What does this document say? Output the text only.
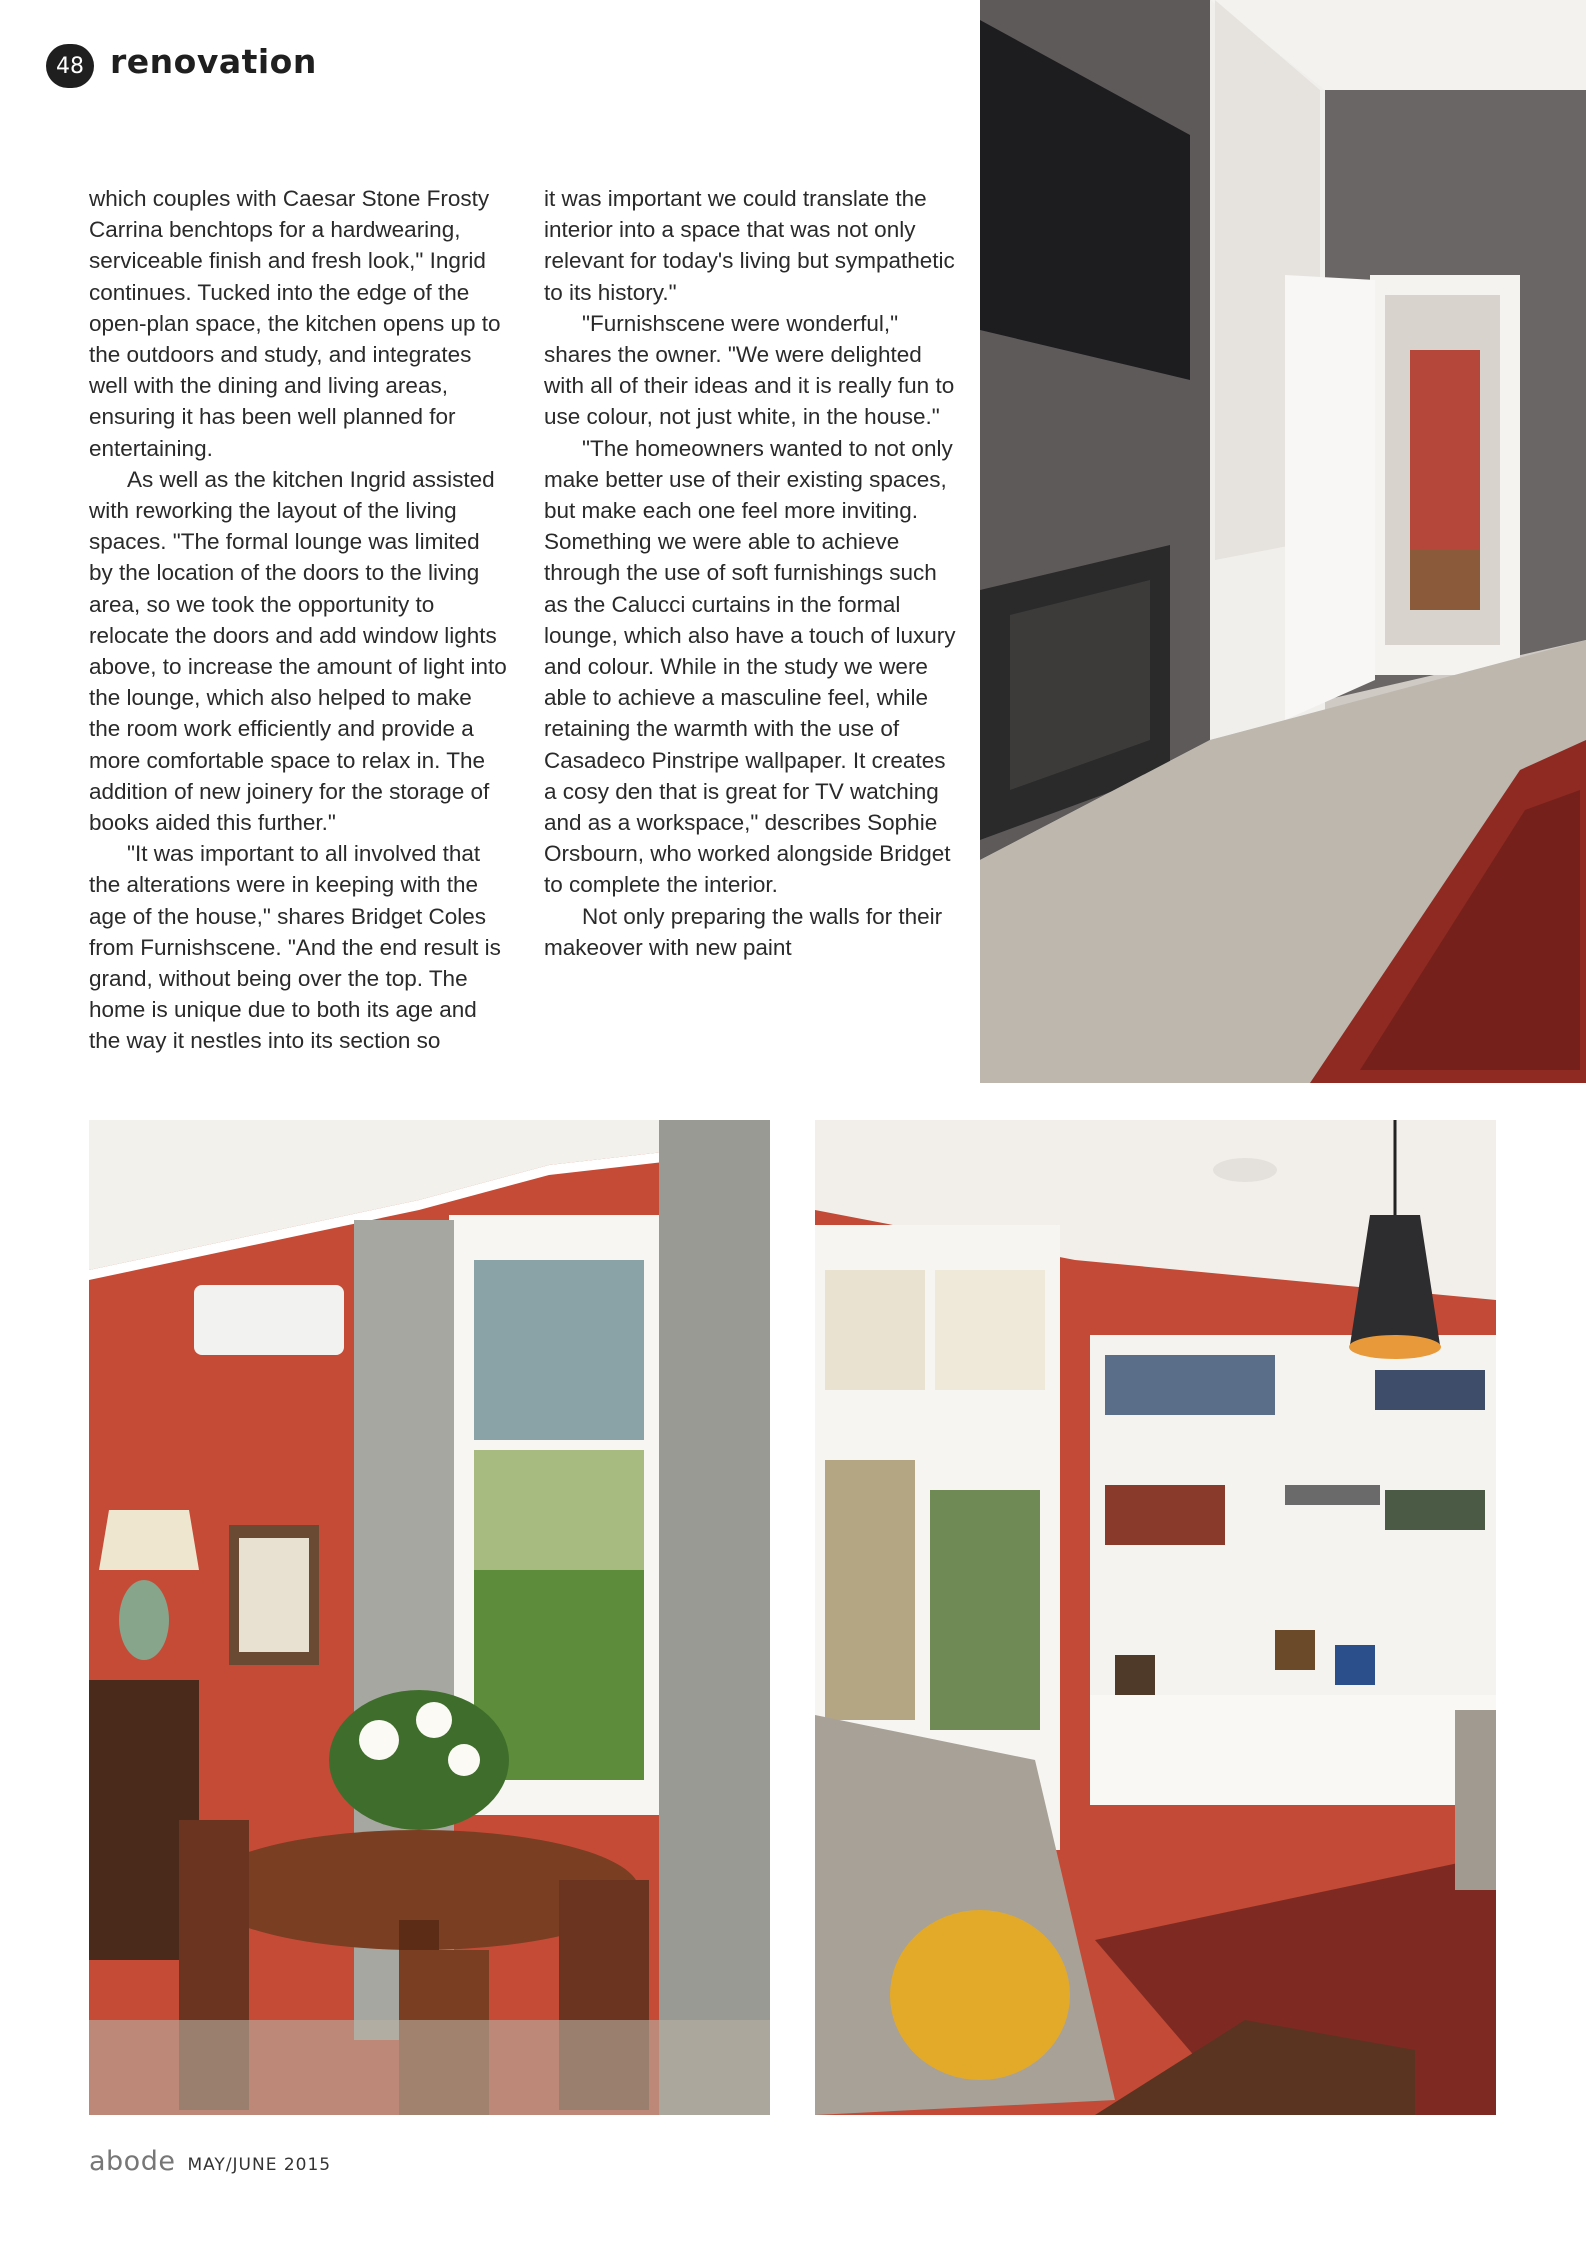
48 renovation

which couples with Caesar Stone Frosty Carrina benchtops for a hardwearing, serviceable finish and fresh look," Ingrid continues. Tucked into the edge of the open-plan space, the kitchen opens up to the outdoors and study, and integrates well with the dining and living areas, ensuring it has been well planned for entertaining.

As well as the kitchen Ingrid assisted with reworking the layout of the living spaces. "The formal lounge was limited by the location of the doors to the living area, so we took the opportunity to relocate the doors and add window lights above, to increase the amount of light into the lounge, which also helped to make the room work efficiently and provide a more comfortable space to relax in. The addition of new joinery for the storage of books aided this further."

"It was important to all involved that the alterations were in keeping with the age of the house," shares Bridget Coles from Furnishscene. "And the end result is grand, without being over the top. The home is unique due to both its age and the way it nestles into its section so

it was important we could translate the interior into a space that was not only relevant for today's living but sympathetic to its history."

"Furnishscene were wonderful," shares the owner. "We were delighted with all of their ideas and it is really fun to use colour, not just white, in the house."

"The homeowners wanted to not only make better use of their existing spaces, but make each one feel more inviting. Something we were able to achieve through the use of soft furnishings such as the Calucci curtains in the formal lounge, which also have a touch of luxury and colour. While in the study we were able to achieve a masculine feel, while retaining the warmth with the use of Casadeco Pinstripe wallpaper. It creates a cosy den that is great for TV watching and as a workspace," describes Sophie Orsbourn, who worked alongside Bridget to complete the interior.

Not only preparing the walls for their makeover with new paint

abode MAY/JUNE 2015
